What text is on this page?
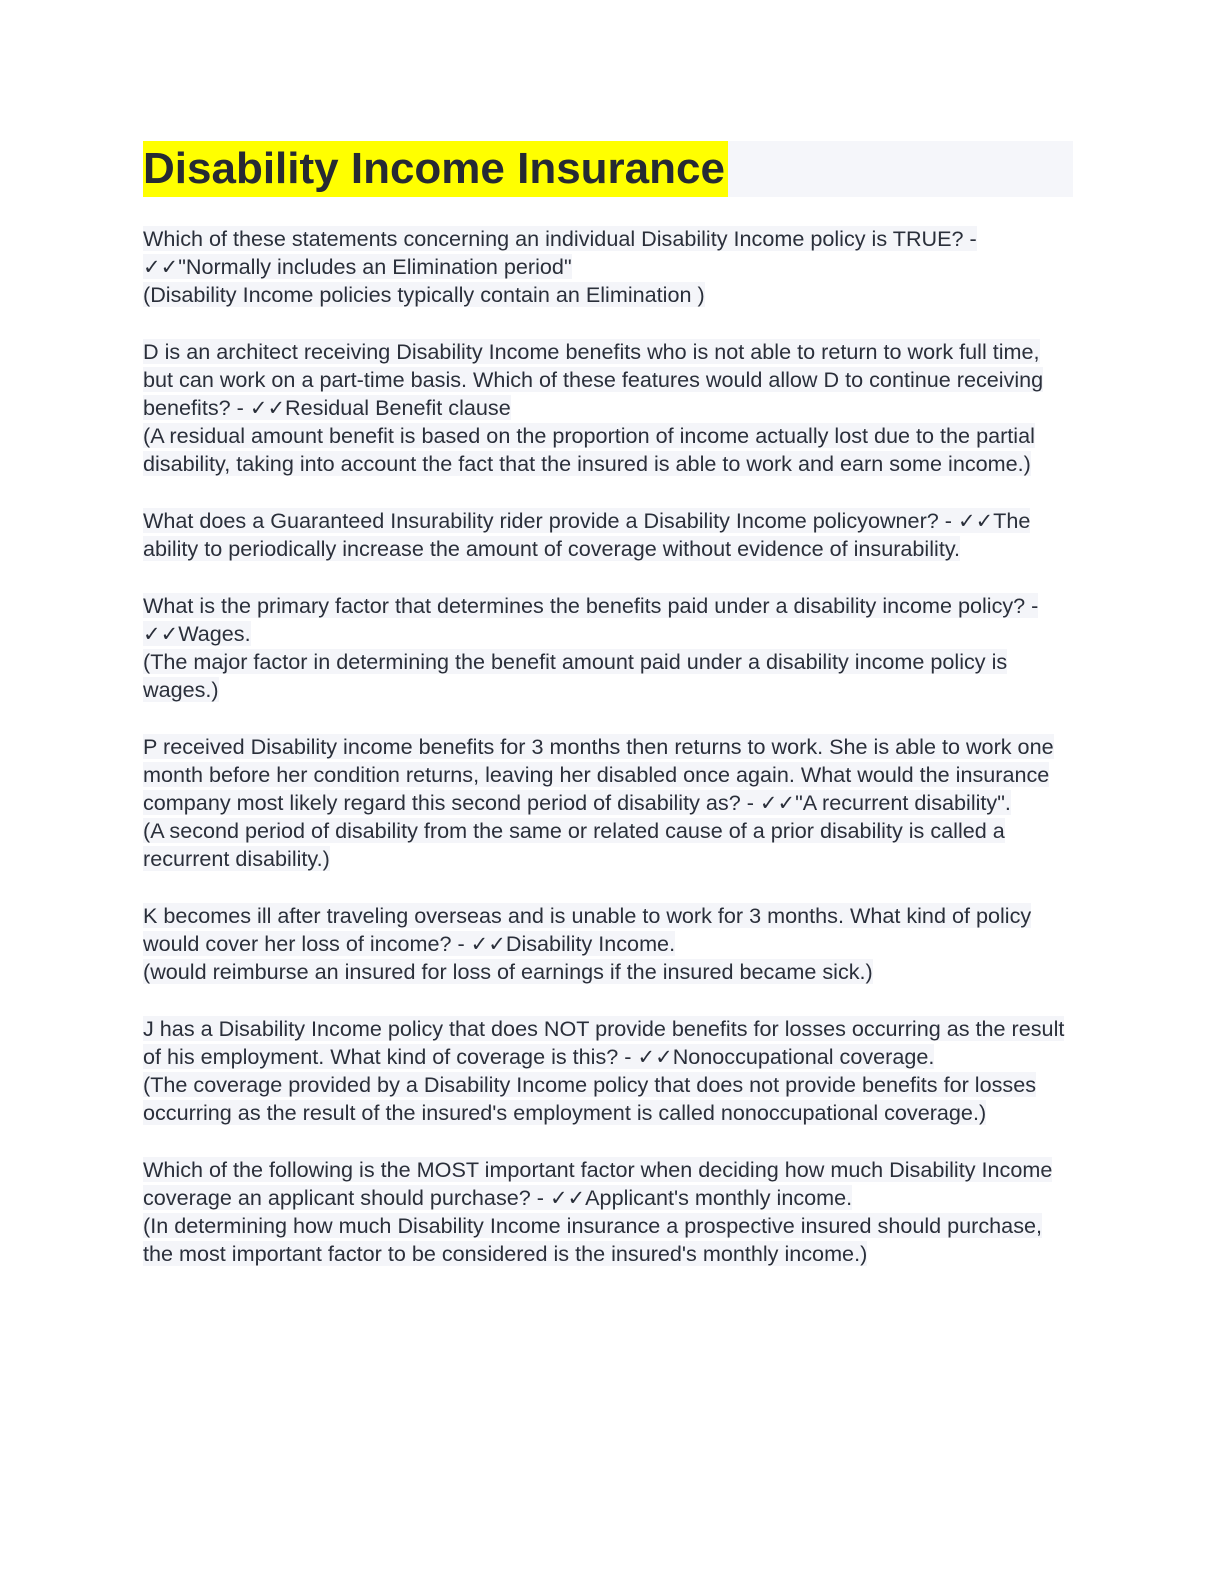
Disability Income Insurance

Which of these statements concerning an individual Disability Income policy is TRUE? - ✓✓"Normally includes an Elimination period"

(Disability Income policies typically contain an Elimination )

D is an architect receiving Disability Income benefits who is not able to return to work full time, but can work on a part-time basis. Which of these features would allow D to continue receiving benefits? - ✓✓Residual Benefit clause

(A residual amount benefit is based on the proportion of income actually lost due to the partial disability, taking into account the fact that the insured is able to work and earn some income.)

What does a Guaranteed Insurability rider provide a Disability Income policyowner? - ✓✓The ability to periodically increase the amount of coverage without evidence of insurability.

What is the primary factor that determines the benefits paid under a disability income policy? - ✓✓Wages.

(The major factor in determining the benefit amount paid under a disability income policy is wages.)

P received Disability income benefits for 3 months then returns to work. She is able to work one month before her condition returns, leaving her disabled once again. What would the insurance company most likely regard this second period of disability as? - ✓✓"A recurrent disability".

(A second period of disability from the same or related cause of a prior disability is called a recurrent disability.)

K becomes ill after traveling overseas and is unable to work for 3 months. What kind of policy would cover her loss of income? - ✓✓Disability Income.

(would reimburse an insured for loss of earnings if the insured became sick.)

J has a Disability Income policy that does NOT provide benefits for losses occurring as the result of his employment. What kind of coverage is this? - ✓✓Nonoccupational coverage.

(The coverage provided by a Disability Income policy that does not provide benefits for losses occurring as the result of the insured's employment is called nonoccupational coverage.)

Which of the following is the MOST important factor when deciding how much Disability Income coverage an applicant should purchase? - ✓✓Applicant's monthly income.

(In determining how much Disability Income insurance a prospective insured should purchase, the most important factor to be considered is the insured's monthly income.)
